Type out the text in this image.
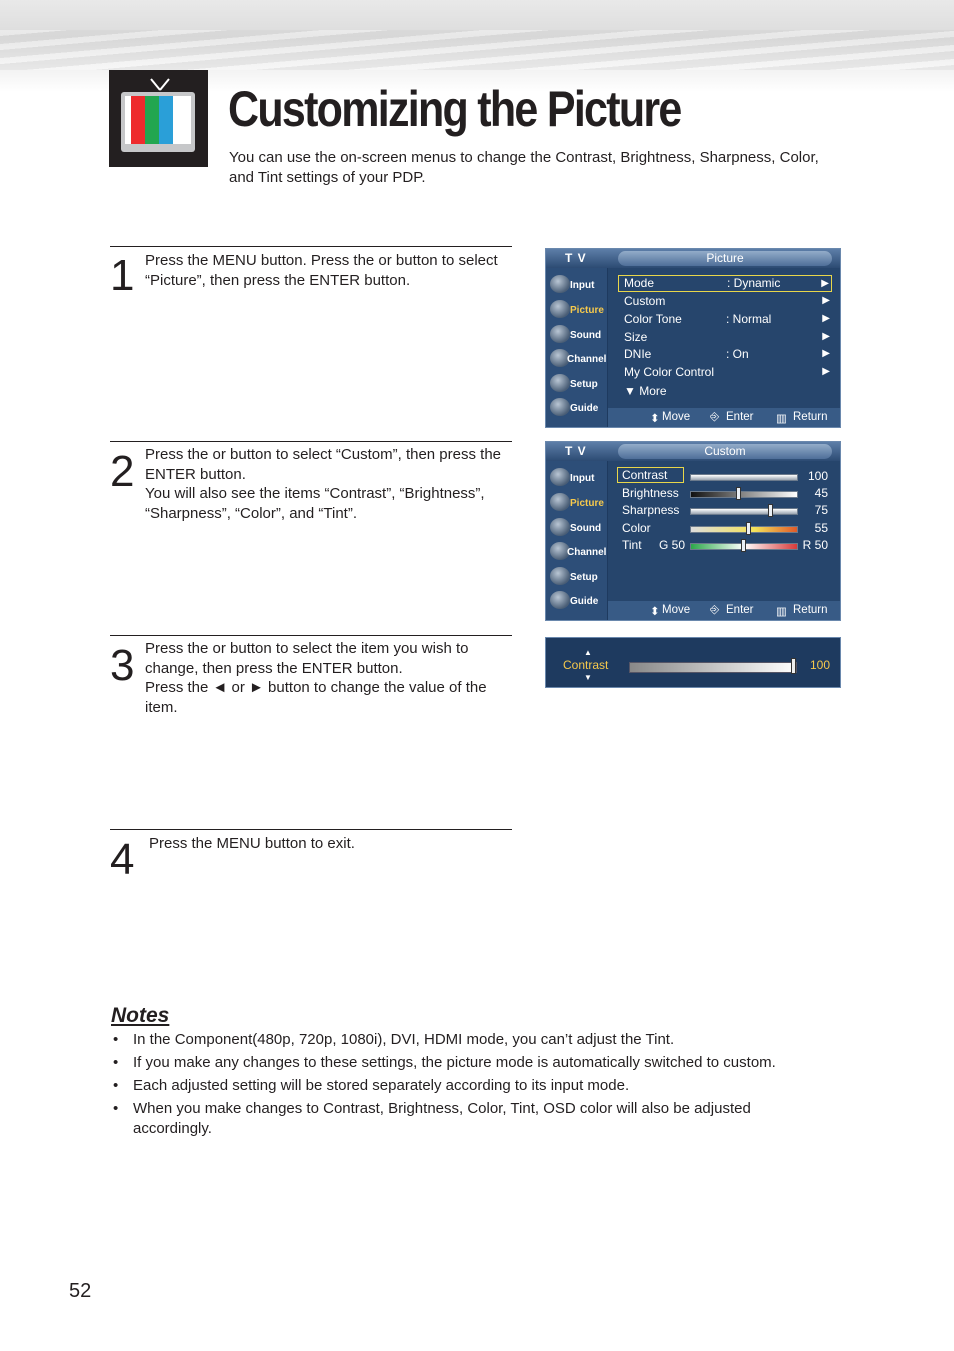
Customizing the Picture

You can use the on-screen menus to change the Contrast, Brightness, Sharpness, Color, and Tint settings of your PDP.

1 Press the MENU button. Press the or button to select “Picture”, then press the ENTER button.

2 Press the or button to select “Custom”, then press the ENTER button.
You will also see the items “Contrast”, “Brightness”, “Sharpness”, “Color”, and “Tint”.

3 Press the or button to select the item you wish to change, then press the ENTER button.
Press the ◄ or ► button to change the value of the item.

4 Press the MENU button to exit.

Input
Picture
Sound
Channel
Setup
Guide
T V	Picture
Mode	: Dynamic	▶
Custom	▶
Color Tone	: Normal	▶
Size	▶
DNIe	: On	▶
My Color Control	▶
▼ More
⬍ Move ⎆ Enter ▥ Return
Input
Picture
Sound
Channel
Setup
Guide
T V	Custom
Contrast	100
Brightness	45
Sharpness	75
Color	55
Tint G 50	R 50
⬍ Move ⎆ Enter ▥ Return
▲
Contrast
▼
100
Notes
• In the Component(480p, 720p, 1080i), DVI, HDMI mode, you can’t adjust the Tint.
• If you make any changes to these settings, the picture mode is automatically switched to custom.
• Each adjusted setting will be stored separately according to its input mode.
• When you make changes to Contrast, Brightness, Color, Tint, OSD color will also be adjusted accordingly.

52
